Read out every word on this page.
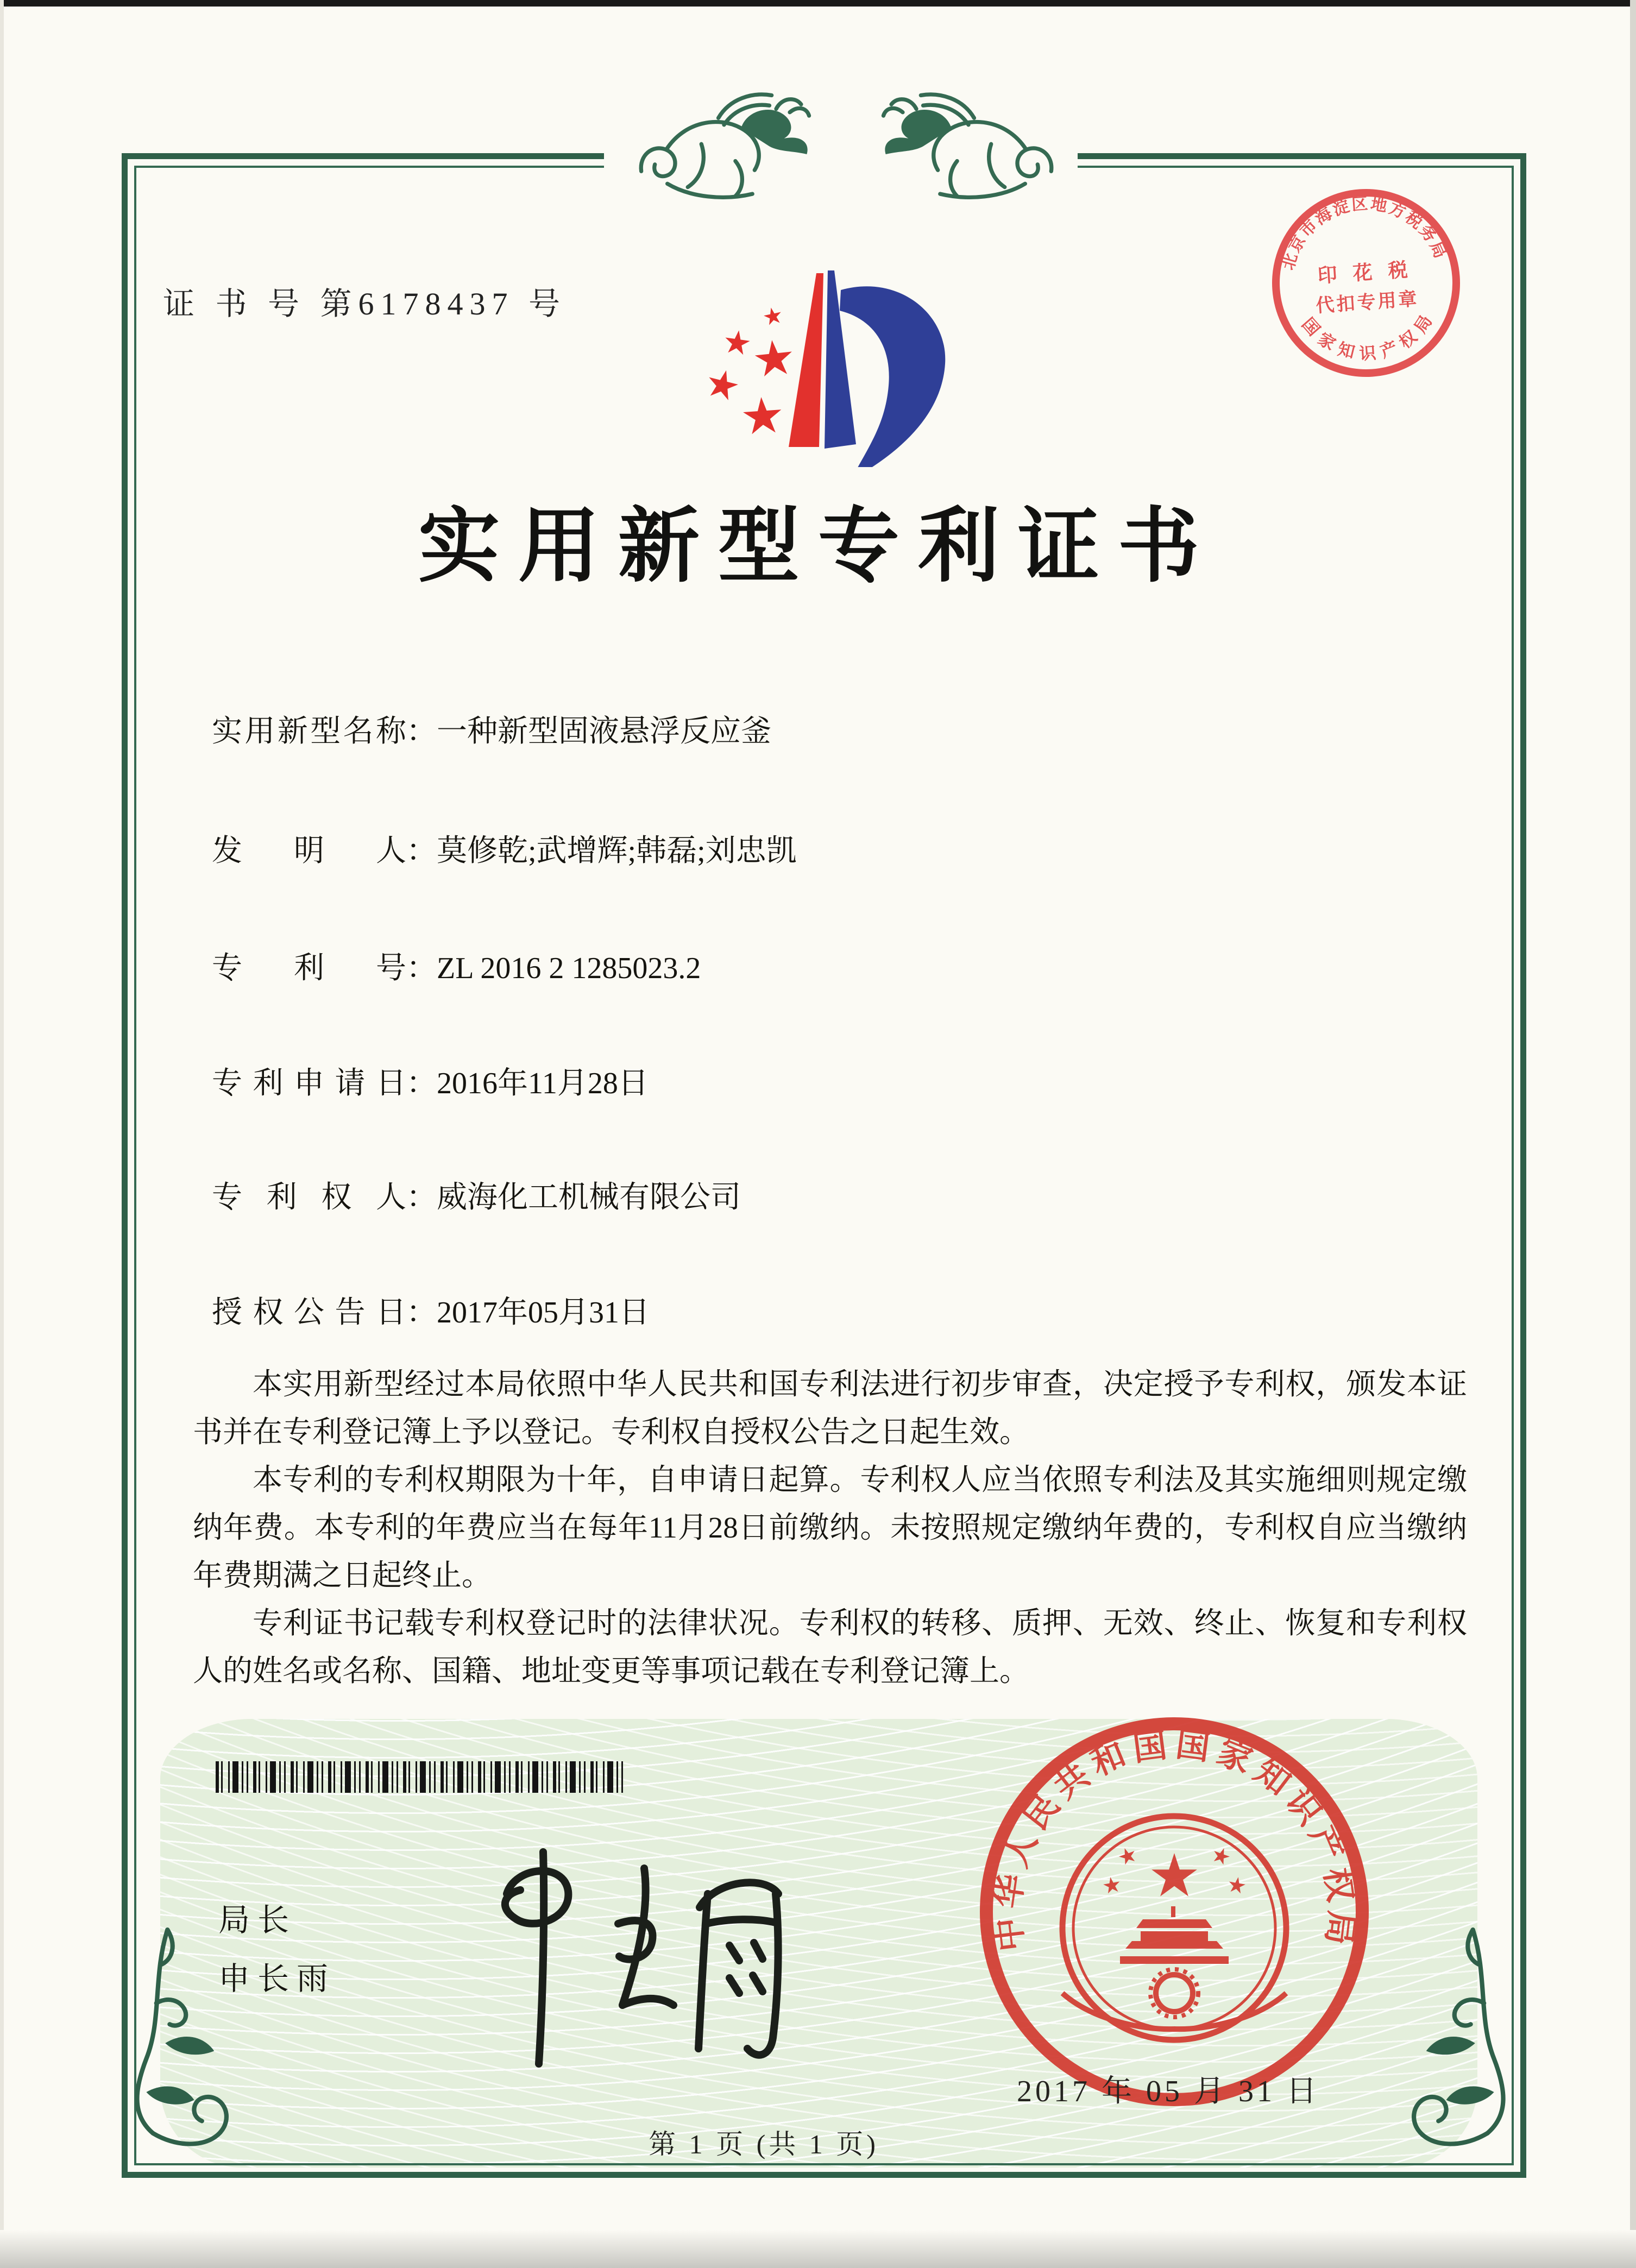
证 书 号 第6178437 号
北京市海淀区地方税务局
国家知识产权局
印 花 税
代扣专用章
实用新型专利证书
实用新型名称：一种新型固液悬浮反应釜
发明人：莫修乾;武增辉;韩磊;刘忠凯
专利号：ZL 2016 2 1285023.2
专利申请日：2016年11月28日
专利权人：威海化工机械有限公司
授权公告日：2017年05月31日

本实用新型经过本局依照中华人民共和国专利法进行初步审查，决定授予专利权，颁发本证书并在专利登记簿上予以登记。专利权自授权公告之日起生效。

本专利的专利权期限为十年，自申请日起算。专利权人应当依照专利法及其实施细则规定缴纳年费。本专利的年费应当在每年11月28日前缴纳。未按照规定缴纳年费的，专利权自应当缴纳年费期满之日起终止。

专利证书记载专利权登记时的法律状况。专利权的转移、质押、无效、终止、恢复和专利权人的姓名或名称、国籍、地址变更等事项记载在专利登记簿上。

局长
申长雨
中华人民共和国国家知识产权局
2017 年 05 月 31 日
第 1 页 (共 1 页)
